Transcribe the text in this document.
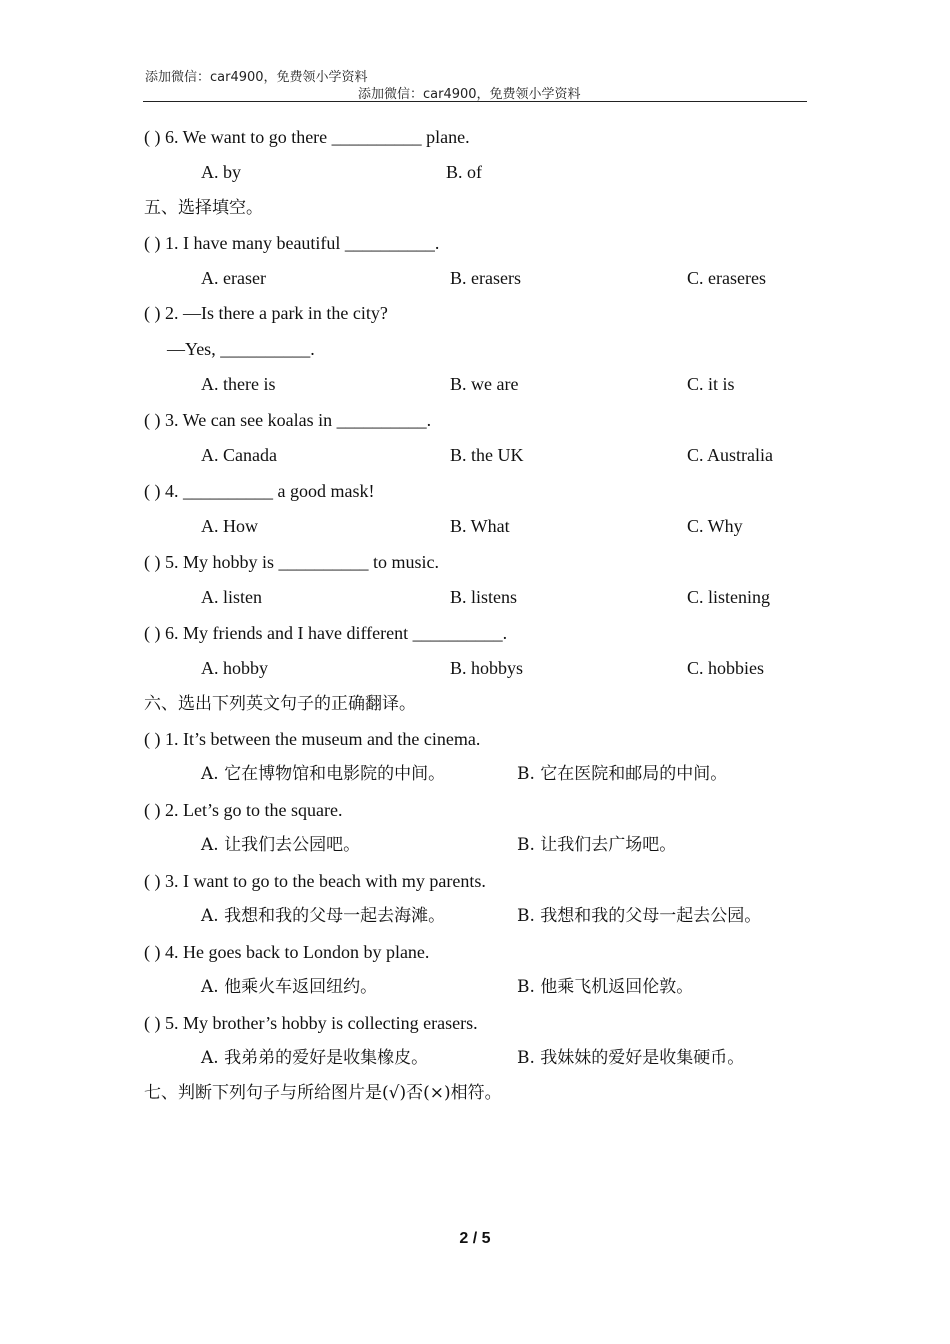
添加微信：car4900，免费领小学资料
添加微信：car4900，免费领小学资料
( ) 6. We want to go there __________ plane.
A. by	B. of
五、选择填空。
( ) 1. I have many beautiful __________.
A. eraser	B. erasers	C. eraseres
( ) 2. —Is there a park in the city?
—Yes, __________.
A. there is	B. we are	C. it is
( ) 3. We can see koalas in __________.
A. Canada	B. the UK	C. Australia
( ) 4. __________ a good mask!
A. How	B. What	C. Why
( ) 5. My hobby is __________ to music.
A. listen	B. listens	C. listening
( ) 6. My friends and I have different __________.
A. hobby	B. hobbys	C. hobbies
六、选出下列英文句子的正确翻译。
( ) 1. It’s between the museum and the cinema.
A. 它在博物馆和电影院的中间。	B. 它在医院和邮局的中间。
( ) 2. Let’s go to the square.
A. 让我们去公园吧。	B. 让我们去广场吧。
( ) 3. I want to go to the beach with my parents.
A. 我想和我的父母一起去海滩。	B. 我想和我的父母一起去公园。
( ) 4. He goes back to London by plane.
A. 他乘火车返回纽约。	B. 他乘飞机返回伦敦。
( ) 5. My brother’s hobby is collecting erasers.
A. 我弟弟的爱好是收集橡皮。	B. 我妹妹的爱好是收集硬币。
七、判断下列句子与所给图片是(√)否(×)相符。
2 / 5
